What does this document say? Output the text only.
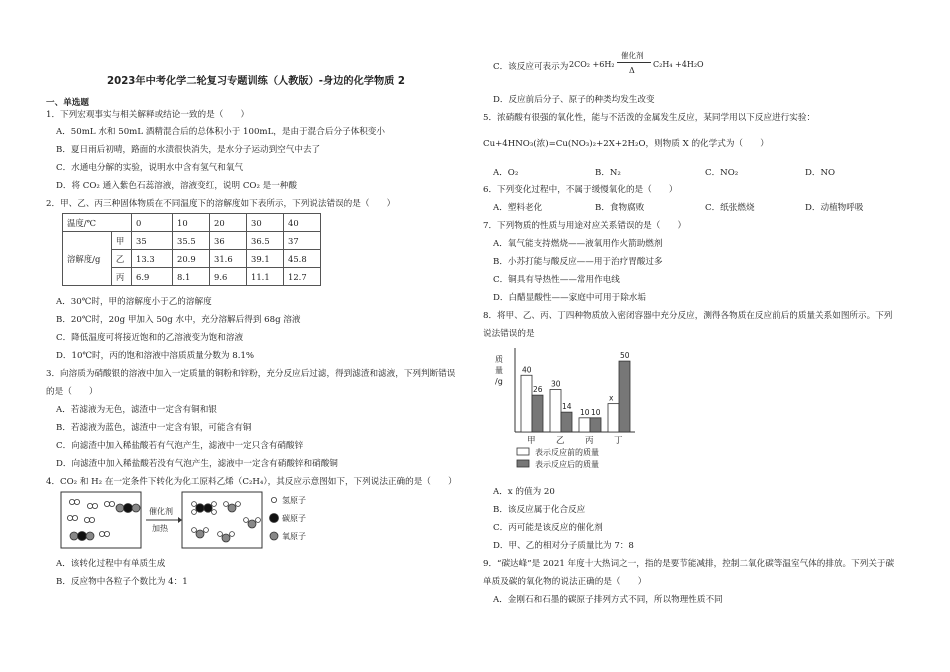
2023年中考化学二轮复习专题训练（人教版）-身边的化学物质 2
一、单选题
1．下列宏观事实与相关解释或结论一致的是（　　）
A．50mL 水和 50mL 酒精混合后的总体积小于 100mL，是由于混合后分子体积变小
B．夏日雨后初晴，路面的水渍很快消失，是水分子运动到空气中去了
C．水通电分解的实验，说明水中含有氢气和氧气
D．将 CO₂ 通入紫色石蕊溶液，溶液变红，说明 CO₂ 是一种酸
2．甲、乙、丙三种固体物质在不同温度下的溶解度如下表所示，下列说法错误的是（　　）
温度/℃		0	10	20	30	40
溶解度/g	甲	35	35.5	36	36.5	37
	乙	13.3	20.9	31.6	39.1	45.8
	丙	6.9	8.1	9.6	11.1	12.7
A．30℃时，甲的溶解度小于乙的溶解度
B．20℃时，20g 甲加入 50g 水中，充分溶解后得到 68g 溶液
C．降低温度可将接近饱和的乙溶液变为饱和溶液
D．10℃时，丙的饱和溶液中溶质质量分数为 8.1%
3．向溶质为硝酸银的溶液中加入一定质量的铜粉和锌粉，充分反应后过滤，得到滤渣和滤液，下列判断错误
的是（　　）
A．若滤液为无色，滤渣中一定含有铜和银
B．若滤液为蓝色，滤渣中一定含有银，可能含有铜
C．向滤渣中加入稀盐酸若有气泡产生，滤液中一定只含有硝酸锌
D．向滤渣中加入稀盐酸若没有气泡产生，滤液中一定含有硝酸锌和硝酸铜
4．CO₂ 和 H₂ 在一定条件下转化为化工原料乙烯（C₂H₄），其反应示意图如下，下列说法正确的是（　　）
催化剂
加热
氢原子
碳原子
氧原子
A．该转化过程中有单质生成
B．反应物中各粒子个数比为 4：1
C．该反应可表示为 2CO₂ +6H₂
催化剂
Δ
C₂H₄ +4H₂O
D．反应前后分子、原子的种类均发生改变
5．浓硝酸有很强的氧化性，能与不活泼的金属发生反应，某同学用以下反应进行实验：
Cu+4HNO₃(浓)=Cu(NO₃)₂+2X+2H₂O，则物质 X 的化学式为（　　）
A．O₂	B．N₂	C．NO₂	D．NO
6．下列变化过程中，不属于缓慢氧化的是（　　）
A．塑料老化	B．食物腐败	C．纸张燃烧	D．动植物呼吸
7．下列物质的性质与用途对应关系错误的是（　　）
A．氧气能支持燃烧——液氧用作火箭助燃剂
B．小苏打能与酸反应——用于治疗胃酸过多
C．铜具有导热性——常用作电线
D．白醋显酸性——家庭中可用于除水垢
8．将甲、乙、丙、丁四种物质放入密闭容器中充分反应，测得各物质在反应前后的质量关系如图所示。下列
说法错误的是
质
量
/g
40
26
甲
30
14
乙
10 10
丙
x
50
丁
表示反应前的质量
表示反应后的质量
A．x 的值为 20
B．该反应属于化合反应
C．丙可能是该反应的催化剂
D．甲、乙的相对分子质量比为 7：8
9．“碳达峰”是 2021 年度十大热词之一，指的是要节能减排，控制二氧化碳等温室气体的排放。下列关于碳
单质及碳的氧化物的说法正确的是（　　）
A．金刚石和石墨的碳原子排列方式不同，所以物理性质不同
